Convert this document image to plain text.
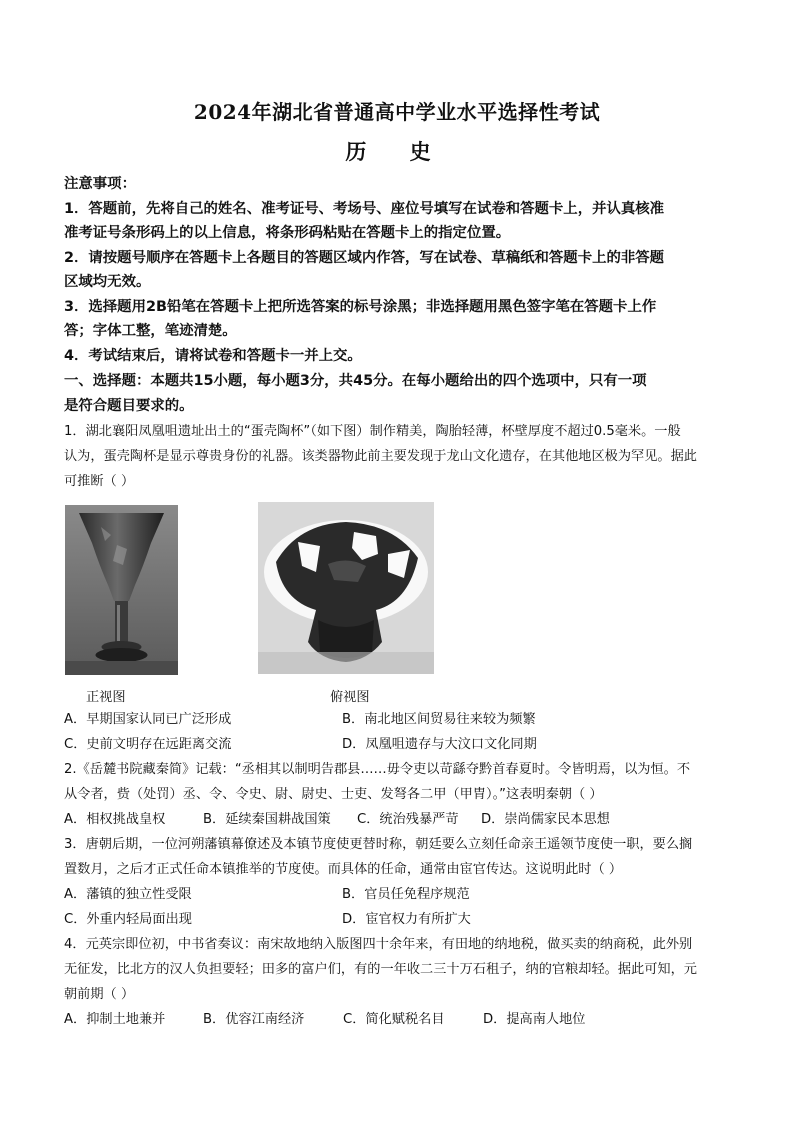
2024年湖北省普通高中学业水平选择性考试
历 史
注意事项：
1．答题前，先将自己的姓名、准考证号、考场号、座位号填写在试卷和答题卡上，并认真核准
准考证号条形码上的以上信息，将条形码粘贴在答题卡上的指定位置。
2．请按题号顺序在答题卡上各题目的答题区域内作答，写在试卷、草稿纸和答题卡上的非答题
区域均无效。
3．选择题用2B铅笔在答题卡上把所选答案的标号涂黑；非选择题用黑色签字笔在答题卡上作
答；字体工整，笔迹清楚。
4．考试结束后，请将试卷和答题卡一并上交。
一、选择题：本题共15小题，每小题3分，共45分。在每小题给出的四个选项中，只有一项
是符合题目要求的。
1．湖北襄阳凤凰咀遗址出土的“蛋壳陶杯”（如下图）制作精美，陶胎轻薄，杯壁厚度不超过0.5毫米。一般
认为，蛋壳陶杯是显示尊贵身份的礼器。该类器物此前主要发现于龙山文化遗存，在其他地区极为罕见。据此
可推断（ ）
正视图	俯视图
A．早期国家认同已广泛形成	B．南北地区间贸易往来较为频繁
C．史前文明存在远距离交流	D．凤凰咀遗存与大汶口文化同期
2.《岳麓书院藏秦简》记载：“丞相其以制明告郡县……毋令吏以苛繇夺黔首春夏时。令皆明焉，以为恒。不
从令者，赀（处罚）丞、令、令史、尉、尉史、士吏、发弩各二甲（甲胄）。”这表明秦朝（ ）
A．相权挑战皇权	B．延续秦国耕战国策 C．统治残暴严苛 D．崇尚儒家民本思想
3．唐朝后期，一位河朔藩镇幕僚述及本镇节度使更替时称，朝廷要么立刻任命亲王遥领节度使一职，要么搁
置数月，之后才正式任命本镇推举的节度使。而具体的任命，通常由宦官传达。这说明此时（ ）
A．藩镇的独立性受限	B．官员任免程序规范
C．外重内轻局面出现	D．宦官权力有所扩大
4．元英宗即位初，中书省奏议：南宋故地纳入版图四十余年来，有田地的纳地税，做买卖的纳商税，此外别
无征发，比北方的汉人负担要轻；田多的富户们，有的一年收二三十万石租子，纳的官粮却轻。据此可知，元
朝前期（ ）
A．抑制土地兼并	B．优容江南经济	C．简化赋税名目	D．提高南人地位
